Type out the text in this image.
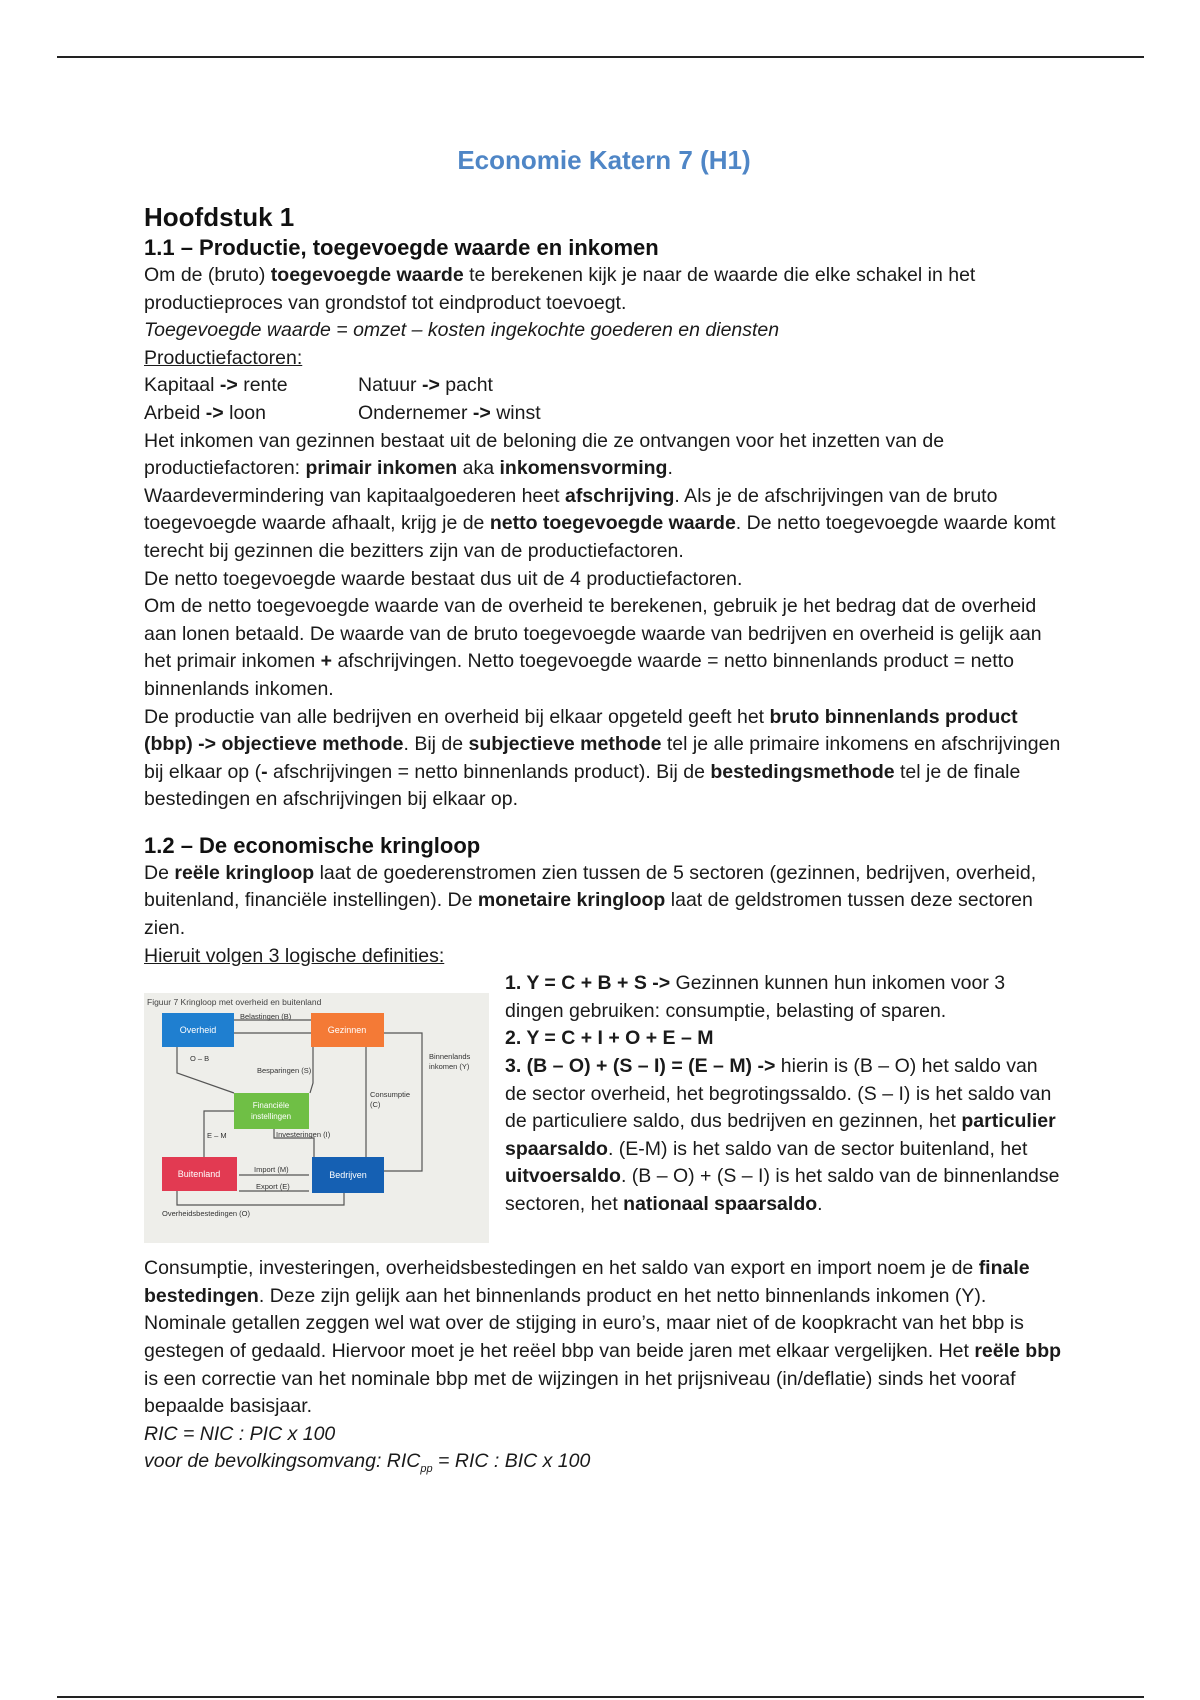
Economie Katern 7 (H1)
Hoofdstuk 1
1.1 – Productie, toegevoegde waarde en inkomen

Om de (bruto) toegevoegde waarde te berekenen kijk je naar de waarde die elke schakel in het productieproces van grondstof tot eindproduct toevoegt.

Toegevoegde waarde = omzet – kosten ingekochte goederen en diensten

Productiefactoren:

Kapitaal -> rente	Natuur -> pacht
Arbeid -> loon	Ondernemer -> winst

Het inkomen van gezinnen bestaat uit de beloning die ze ontvangen voor het inzetten van de productiefactoren: primair inkomen aka inkomensvorming.

Waardevermindering van kapitaalgoederen heet afschrijving. Als je de afschrijvingen van de bruto toegevoegde waarde afhaalt, krijg je de netto toegevoegde waarde. De netto toegevoegde waarde komt terecht bij gezinnen die bezitters zijn van de productiefactoren.

De netto toegevoegde waarde bestaat dus uit de 4 productiefactoren.

Om de netto toegevoegde waarde van de overheid te berekenen, gebruik je het bedrag dat de overheid aan lonen betaald. De waarde van de bruto toegevoegde waarde van bedrijven en overheid is gelijk aan het primair inkomen + afschrijvingen. Netto toegevoegde waarde = netto binnenlands product = netto binnenlands inkomen.

De productie van alle bedrijven en overheid bij elkaar opgeteld geeft het bruto binnenlands product (bbp) -> objectieve methode. Bij de subjectieve methode tel je alle primaire inkomens en afschrijvingen bij elkaar op (- afschrijvingen = netto binnenlands product). Bij de bestedingsmethode tel je de finale bestedingen en afschrijvingen bij elkaar op.

1.2 – De economische kringloop

De reële kringloop laat de goederenstromen zien tussen de 5 sectoren (gezinnen, bedrijven, overheid, buitenland, financiële instellingen). De monetaire kringloop laat de geldstromen tussen deze sectoren zien.

Hieruit volgen 3 logische definities:

Figuur 7 Kringloop met overheid en buitenland
Overheid	Gezinnen
Financiële
instellingen
Buitenland	Bedrijven
Belastingen (B)
O – B
Besparingen (S)
Binnenlands
inkomen (Y)
Consumptie
(C)
E – M	Investeringen (I)
Import (M)
Export (E)
Overheidsbestedingen (O)

1. Y = C + B + S -> Gezinnen kunnen hun inkomen voor 3 dingen gebruiken: consumptie, belasting of sparen.

2. Y = C + I + O + E – M

3. (B – O) + (S – I) = (E – M) -> hierin is (B – O) het saldo van de sector overheid, het begrotingssaldo. (S – I) is het saldo van de particuliere saldo, dus bedrijven en gezinnen, het particulier spaarsaldo. (E-M) is het saldo van de sector buitenland, het uitvoersaldo. (B – O) + (S – I) is het saldo van de binnenlandse sectoren, het nationaal spaarsaldo.

Consumptie, investeringen, overheidsbestedingen en het saldo van export en import noem je de finale bestedingen. Deze zijn gelijk aan het binnenlands product en het netto binnenlands inkomen (Y).

Nominale getallen zeggen wel wat over de stijging in euro’s, maar niet of de koopkracht van het bbp is gestegen of gedaald. Hiervoor moet je het reëel bbp van beide jaren met elkaar vergelijken. Het reële bbp is een correctie van het nominale bbp met de wijzingen in het prijsniveau (in/deflatie) sinds het vooraf bepaalde basisjaar.

RIC = NIC : PIC x 100

voor de bevolkingsomvang: $RIC_{pp}$ = RIC : BIC x 100
